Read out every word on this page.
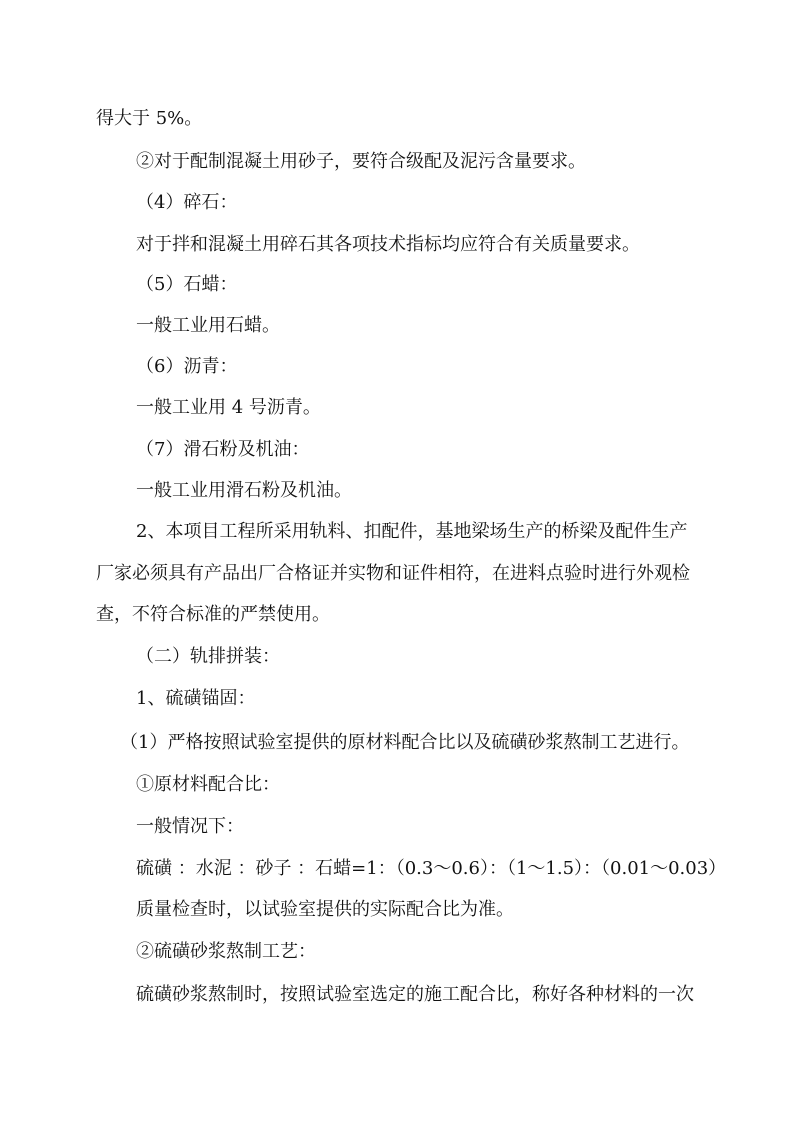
得大于 5%。

②对于配制混凝土用砂子，要符合级配及泥污含量要求。

（4）碎石：

对于拌和混凝土用碎石其各项技术指标均应符合有关质量要求。

（5）石蜡：

一般工业用石蜡。

（6）沥青：

一般工业用 4 号沥青。

（7）滑石粉及机油：

一般工业用滑石粉及机油。

2、本项目工程所采用轨料、扣配件，基地梁场生产的桥梁及配件生产

厂家必须具有产品出厂合格证并实物和证件相符，在进料点验时进行外观检

查，不符合标准的严禁使用。

（二）轨排拼装：

1、硫磺锚固：

（1）严格按照试验室提供的原材料配合比以及硫磺砂浆熬制工艺进行。

①原材料配合比：

一般情况下：

硫磺 ：水泥 ：砂子 ：石蜡=1：（0.3～0.6）：（1～1.5）：（0.01～0.03）

质量检查时，以试验室提供的实际配合比为准。

②硫磺砂浆熬制工艺：

硫磺砂浆熬制时，按照试验室选定的施工配合比，称好各种材料的一次
